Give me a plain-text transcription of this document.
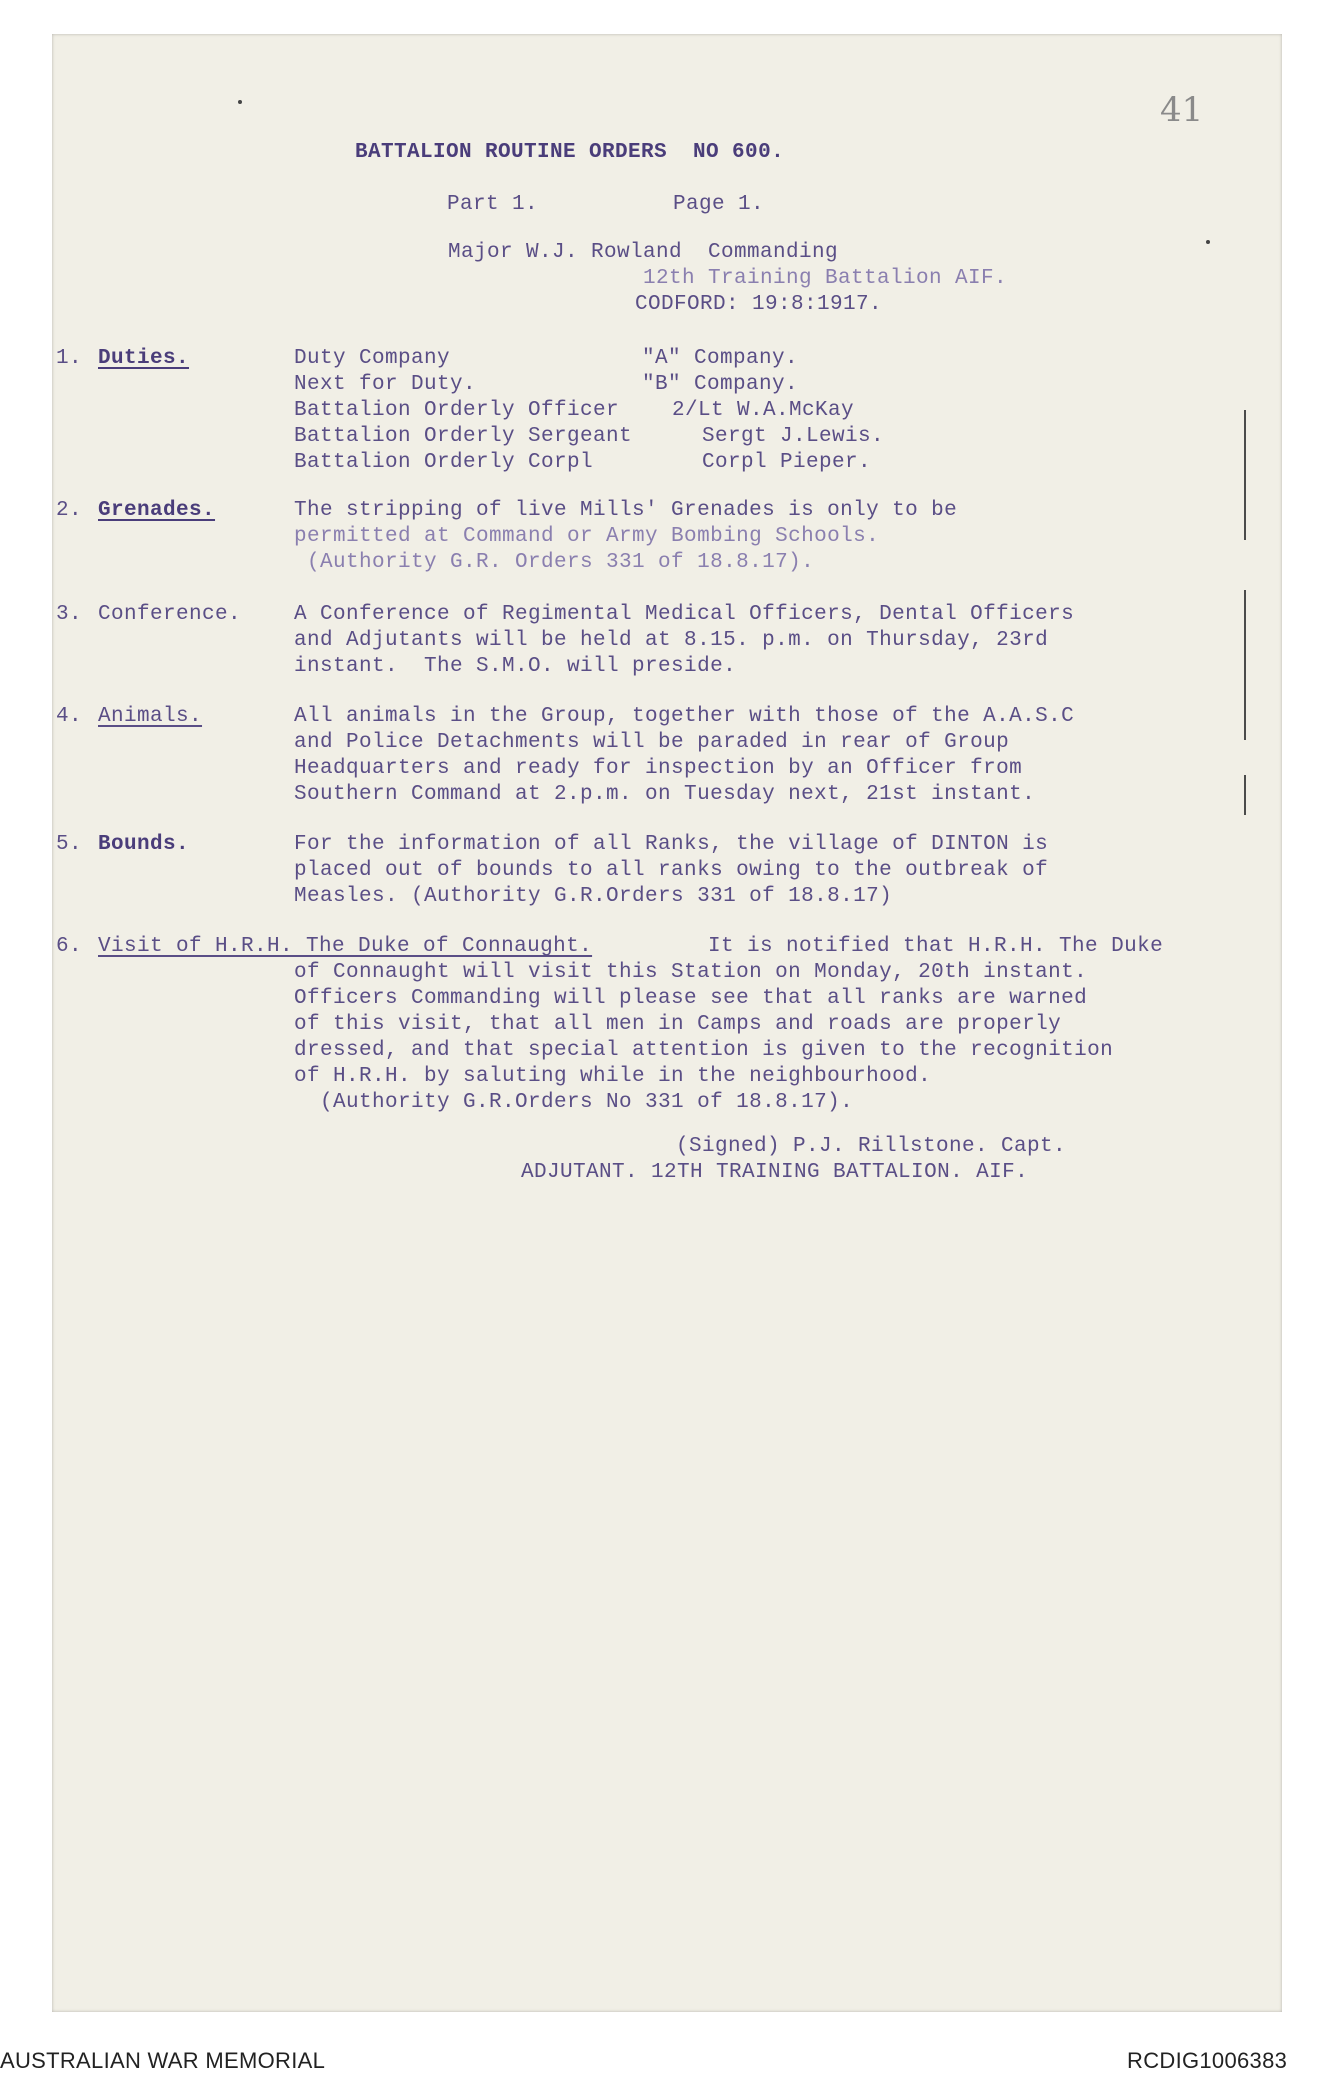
41
BATTALION ROUTINE ORDERS  NO 600.
Part 1.	Page 1.
Major W.J. Rowland  Commanding
12th Training Battalion AIF.
CODFORD: 19:8:1917.
1. Duties.	Duty Company	"A" Company.
Next for Duty.	"B" Company.
Battalion Orderly Officer	2/Lt W.A.McKay
Battalion Orderly Sergeant	Sergt J.Lewis.
Battalion Orderly Corpl	Corpl Pieper.
2. Grenades.	The stripping of live Mills' Grenades is only to be
permitted at Command or Army Bombing Schools.
(Authority G.R. Orders 331 of 18.8.17).
3. Conference.	A Conference of Regimental Medical Officers, Dental Officers
and Adjutants will be held at 8.15. p.m. on Thursday, 23rd
instant.  The S.M.O. will preside.
4. Animals.	All animals in the Group, together with those of the A.A.S.C
and Police Detachments will be paraded in rear of Group
Headquarters and ready for inspection by an Officer from
Southern Command at 2.p.m. on Tuesday next, 21st instant.
5. Bounds.	For the information of all Ranks, the village of DINTON is
placed out of bounds to all ranks owing to the outbreak of
Measles. (Authority G.R.Orders 331 of 18.8.17)
6. Visit of H.R.H. The Duke of Connaught.	It is notified that H.R.H. The Duke
of Connaught will visit this Station on Monday, 20th instant.
Officers Commanding will please see that all ranks are warned
of this visit, that all men in Camps and roads are properly
dressed, and that special attention is given to the recognition
of H.R.H. by saluting while in the neighbourhood.
(Authority G.R.Orders No 331 of 18.8.17).
(Signed) P.J. Rillstone. Capt.
ADJUTANT. 12TH TRAINING BATTALION. AIF.
AUSTRALIAN WAR MEMORIAL	RCDIG1006383
